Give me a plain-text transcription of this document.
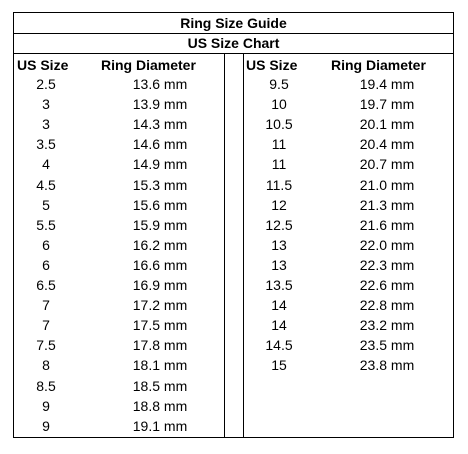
Ring Size Guide
US Size Chart
US Size Ring Diameter	US Size Ring Diameter
2.5	13.6 mm
3	13.9 mm
3	14.3 mm
3.5	14.6 mm
4	14.9 mm
4.5	15.3 mm
5	15.6 mm
5.5	15.9 mm
6	16.2 mm
6	16.6 mm
6.5	16.9 mm
7	17.2 mm
7	17.5 mm
7.5	17.8 mm
8	18.1 mm
8.5	18.5 mm
9	18.8 mm
9	19.1 mm
9.5	19.4 mm
10	19.7 mm
10.5	20.1 mm
11	20.4 mm
11	20.7 mm
11.5	21.0 mm
12	21.3 mm
12.5	21.6 mm
13	22.0 mm
13	22.3 mm
13.5	22.6 mm
14	22.8 mm
14	23.2 mm
14.5	23.5 mm
15	23.8 mm
